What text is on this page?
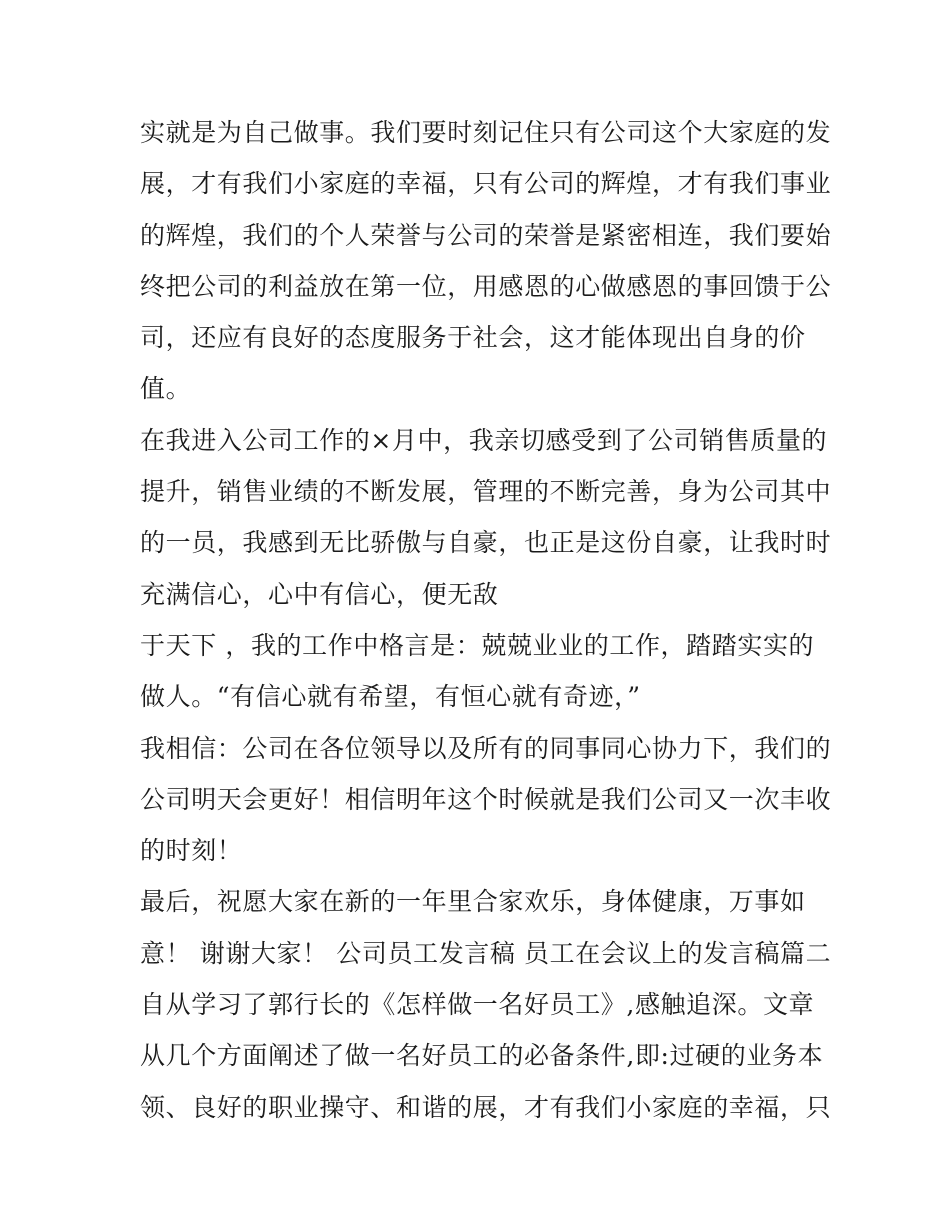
实就是为自己做事。我们要时刻记住只有公司这个大家庭的发
展，才有我们小家庭的幸福，只有公司的辉煌，才有我们事业
的辉煌，我们的个人荣誉与公司的荣誉是紧密相连，我们要始
终把公司的利益放在第一位，用感恩的心做感恩的事回馈于公
司，还应有良好的态度服务于社会，这才能体现出自身的价
值。
在我进入公司工作的×月中，我亲切感受到了公司销售质量的
提升，销售业绩的不断发展，管理的不断完善，身为公司其中
的一员，我感到无比骄傲与自豪，也正是这份自豪，让我时时
充满信心，心中有信心，便无敌
于天下 ，我的工作中格言是：兢兢业业的工作，踏踏实实的
做人。“有信心就有希望，有恒心就有奇迹，”
我相信：公司在各位领导以及所有的同事同心协力下，我们的
公司明天会更好！相信明年这个时候就是我们公司又一次丰收
的时刻！
最后，祝愿大家在新的一年里合家欢乐，身体健康，万事如
意！ 谢谢大家！ 公司员工发言稿 员工在会议上的发言稿篇二
自从学习了郭行长的《怎样做一名好员工》,感触追深。文章
从几个方面阐述了做一名好员工的必备条件,即:过硬的业务本
领、良好的职业操守、和谐的展，才有我们小家庭的幸福，只
